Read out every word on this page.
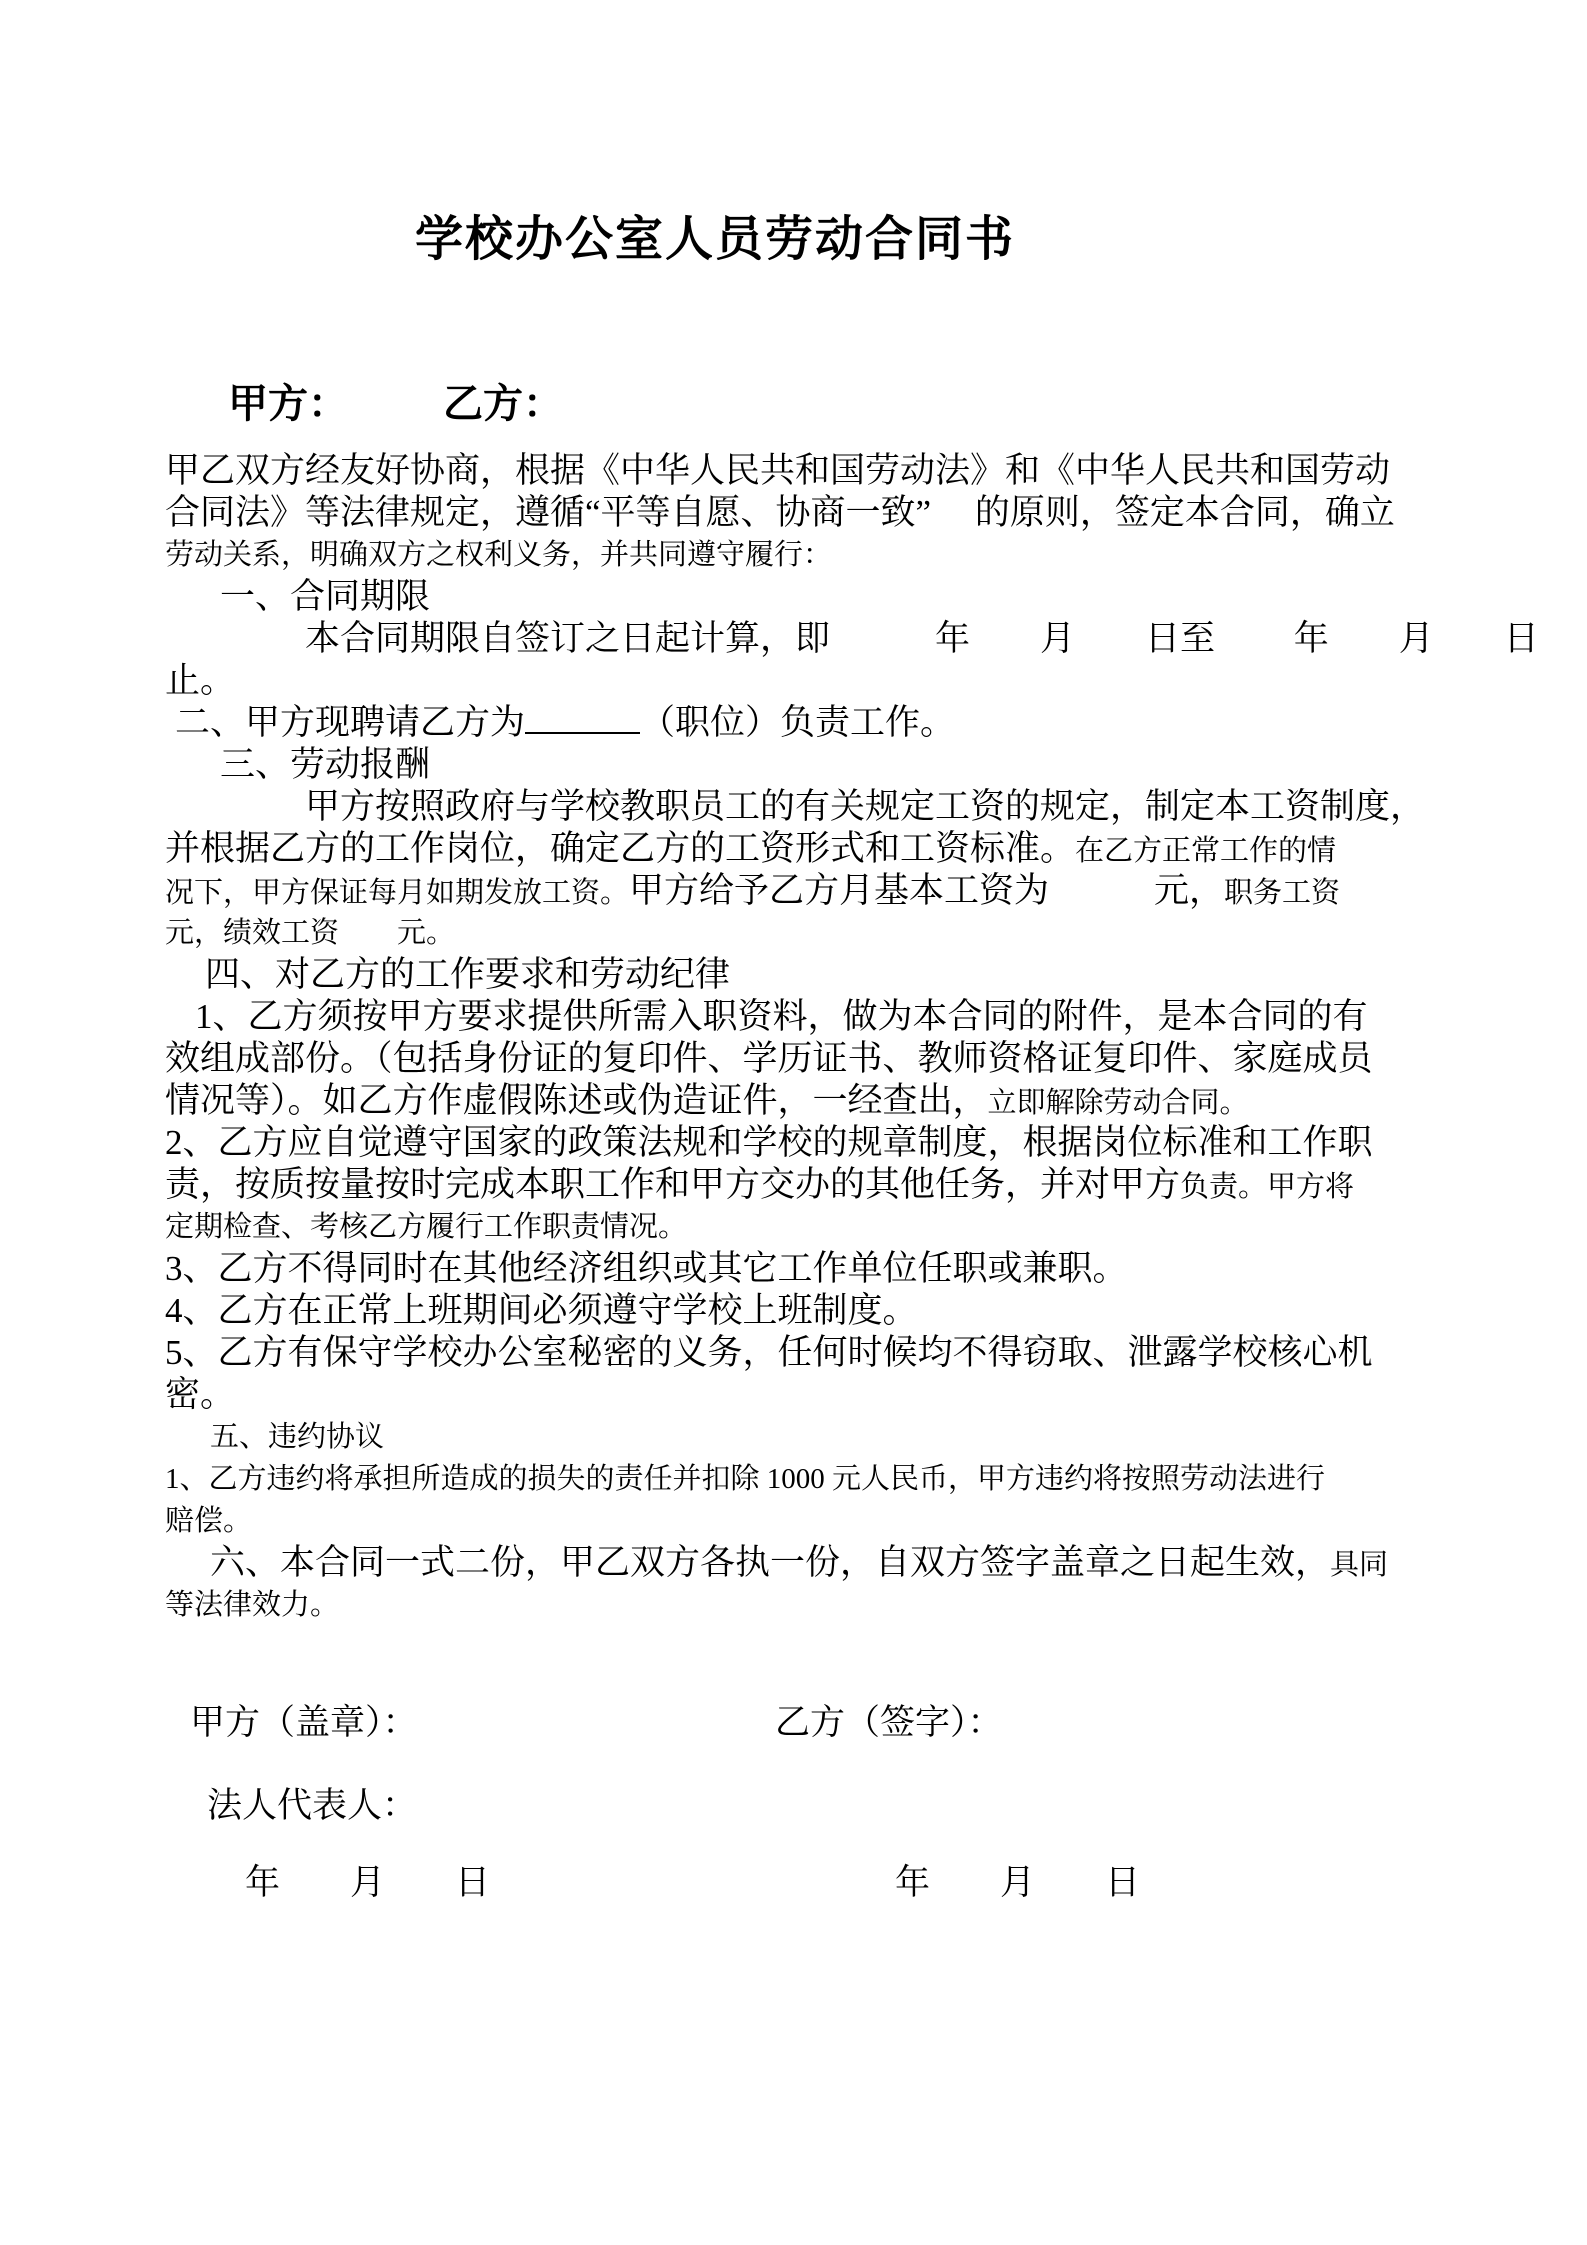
学校办公室人员劳动合同书
甲方： 乙方：

甲乙双方经友好协商，根据《中华人民共和国劳动法》和《中华人民共和国劳动
合同法》等法律规定，遵循“平等自愿、协商一致”　 的原则，签定本合同，确立
劳动关系，明确双方之权利义务，并共同遵守履行：
一、合同期限
本合同期限自签订之日起计算，即　　　年　　月　　日至　　 年　　月　　日
止。
二、甲方现聘请乙方为	（职位）负责工作。
三、劳动报酬
甲方按照政府与学校教职员工的有关规定工资的规定，制定本工资制度，
并根据乙方的工作岗位，确定乙方的工资形式和工资标准。在乙方正常工作的情
况下，甲方保证每月如期发放工资。甲方给予乙方月基本工资为　　　元，职务工资
元，绩效工资　　元。
四、对乙方的工作要求和劳动纪律
1、乙方须按甲方要求提供所需入职资料，做为本合同的附件，是本合同的有
效组成部份。（包括身份证的复印件、学历证书、教师资格证复印件、家庭成员
情况等）。如乙方作虚假陈述或伪造证件，一经查出，立即解除劳动合同。
2、乙方应自觉遵守国家的政策法规和学校的规章制度，根据岗位标准和工作职
责，按质按量按时完成本职工作和甲方交办的其他任务，并对甲方负责。甲方将
定期检查、考核乙方履行工作职责情况。
3、乙方不得同时在其他经济组织或其它工作单位任职或兼职。
4、乙方在正常上班期间必须遵守学校上班制度。
5、乙方有保守学校办公室秘密的义务，任何时候均不得窃取、泄露学校核心机
密。
五、违约协议
1、乙方违约将承担所造成的损失的责任并扣除 1000 元人民币，甲方违约将按照劳动法进行
赔偿。
六、本合同一式二份，甲乙双方各执一份，自双方签字盖章之日起生效，具同
等法律效力。
甲方（盖章）：	乙方（签字）：
法人代表人：
年　　月　　日	年　　月　　日
